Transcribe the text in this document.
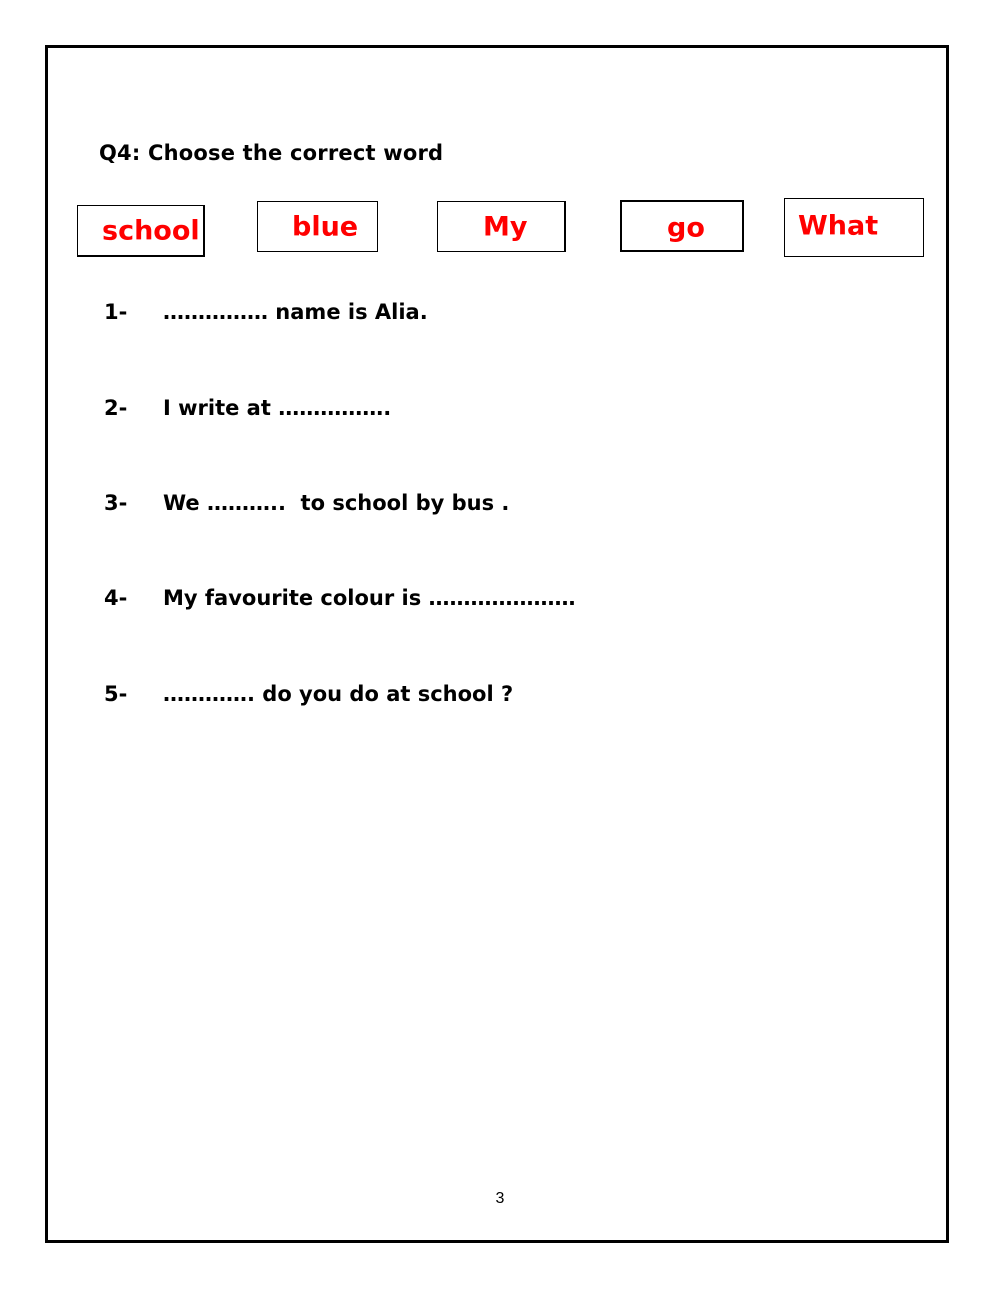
Q4: Choose the correct word
school	blue	My	go	What
1- …………… name is Alia.
2- I write at …………….
3- We ………..  to school by bus .
4- My favourite colour is …………………
5- …………. do you do at school ?
3
